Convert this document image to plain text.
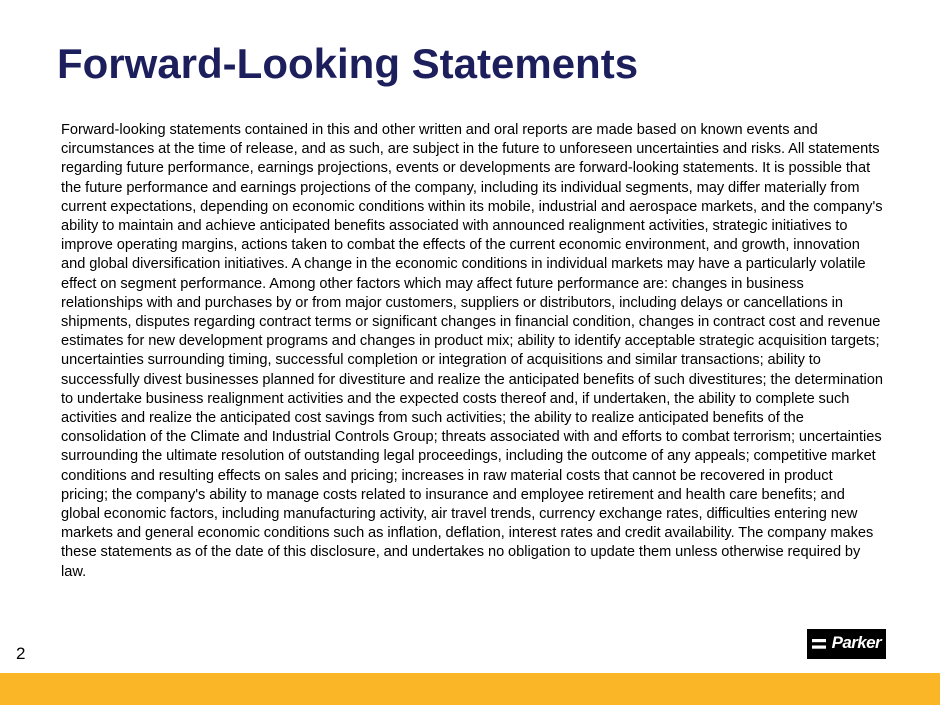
Forward-Looking Statements

Forward-looking statements contained in this and other written and oral reports are made based on known events and circumstances at the time of release, and as such, are subject in the future to unforeseen uncertainties and risks. All statements regarding future performance, earnings projections, events or developments are forward-looking statements. It is possible that the future performance and earnings projections of the company, including its individual segments, may differ materially from current expectations, depending on economic conditions within its mobile, industrial and aerospace markets, and the company's ability to maintain and achieve anticipated benefits associated with announced realignment activities, strategic initiatives to improve operating margins, actions taken to combat the effects of the current economic environment, and growth, innovation and global diversification initiatives. A change in the economic conditions in individual markets may have a particularly volatile effect on segment performance. Among other factors which may affect future performance are: changes in business relationships with and purchases by or from major customers, suppliers or distributors, including delays or cancellations in shipments, disputes regarding contract terms or significant changes in financial condition, changes in contract cost and revenue estimates for new development programs and changes in product mix; ability to identify acceptable strategic acquisition targets; uncertainties surrounding timing, successful completion or integration of acquisitions and similar transactions; ability to successfully divest businesses planned for divestiture and realize the anticipated benefits of such divestitures; the determination to undertake business realignment activities and the expected costs thereof and, if undertaken, the ability to complete such activities and realize the anticipated cost savings from such activities; the ability to realize anticipated benefits of the consolidation of the Climate and Industrial Controls Group; threats associated with and efforts to combat terrorism; uncertainties surrounding the ultimate resolution of outstanding legal proceedings, including the outcome of any appeals; competitive market conditions and resulting effects on sales and pricing; increases in raw material costs that cannot be recovered in product pricing; the company's ability to manage costs related to insurance and employee retirement and health care benefits; and global economic factors, including manufacturing activity, air travel trends, currency exchange rates, difficulties entering new markets and general economic conditions such as inflation, deflation, interest rates and credit availability. The company makes these statements as of the date of this disclosure, and undertakes no obligation to update them unless otherwise required by law.

2
Parker
